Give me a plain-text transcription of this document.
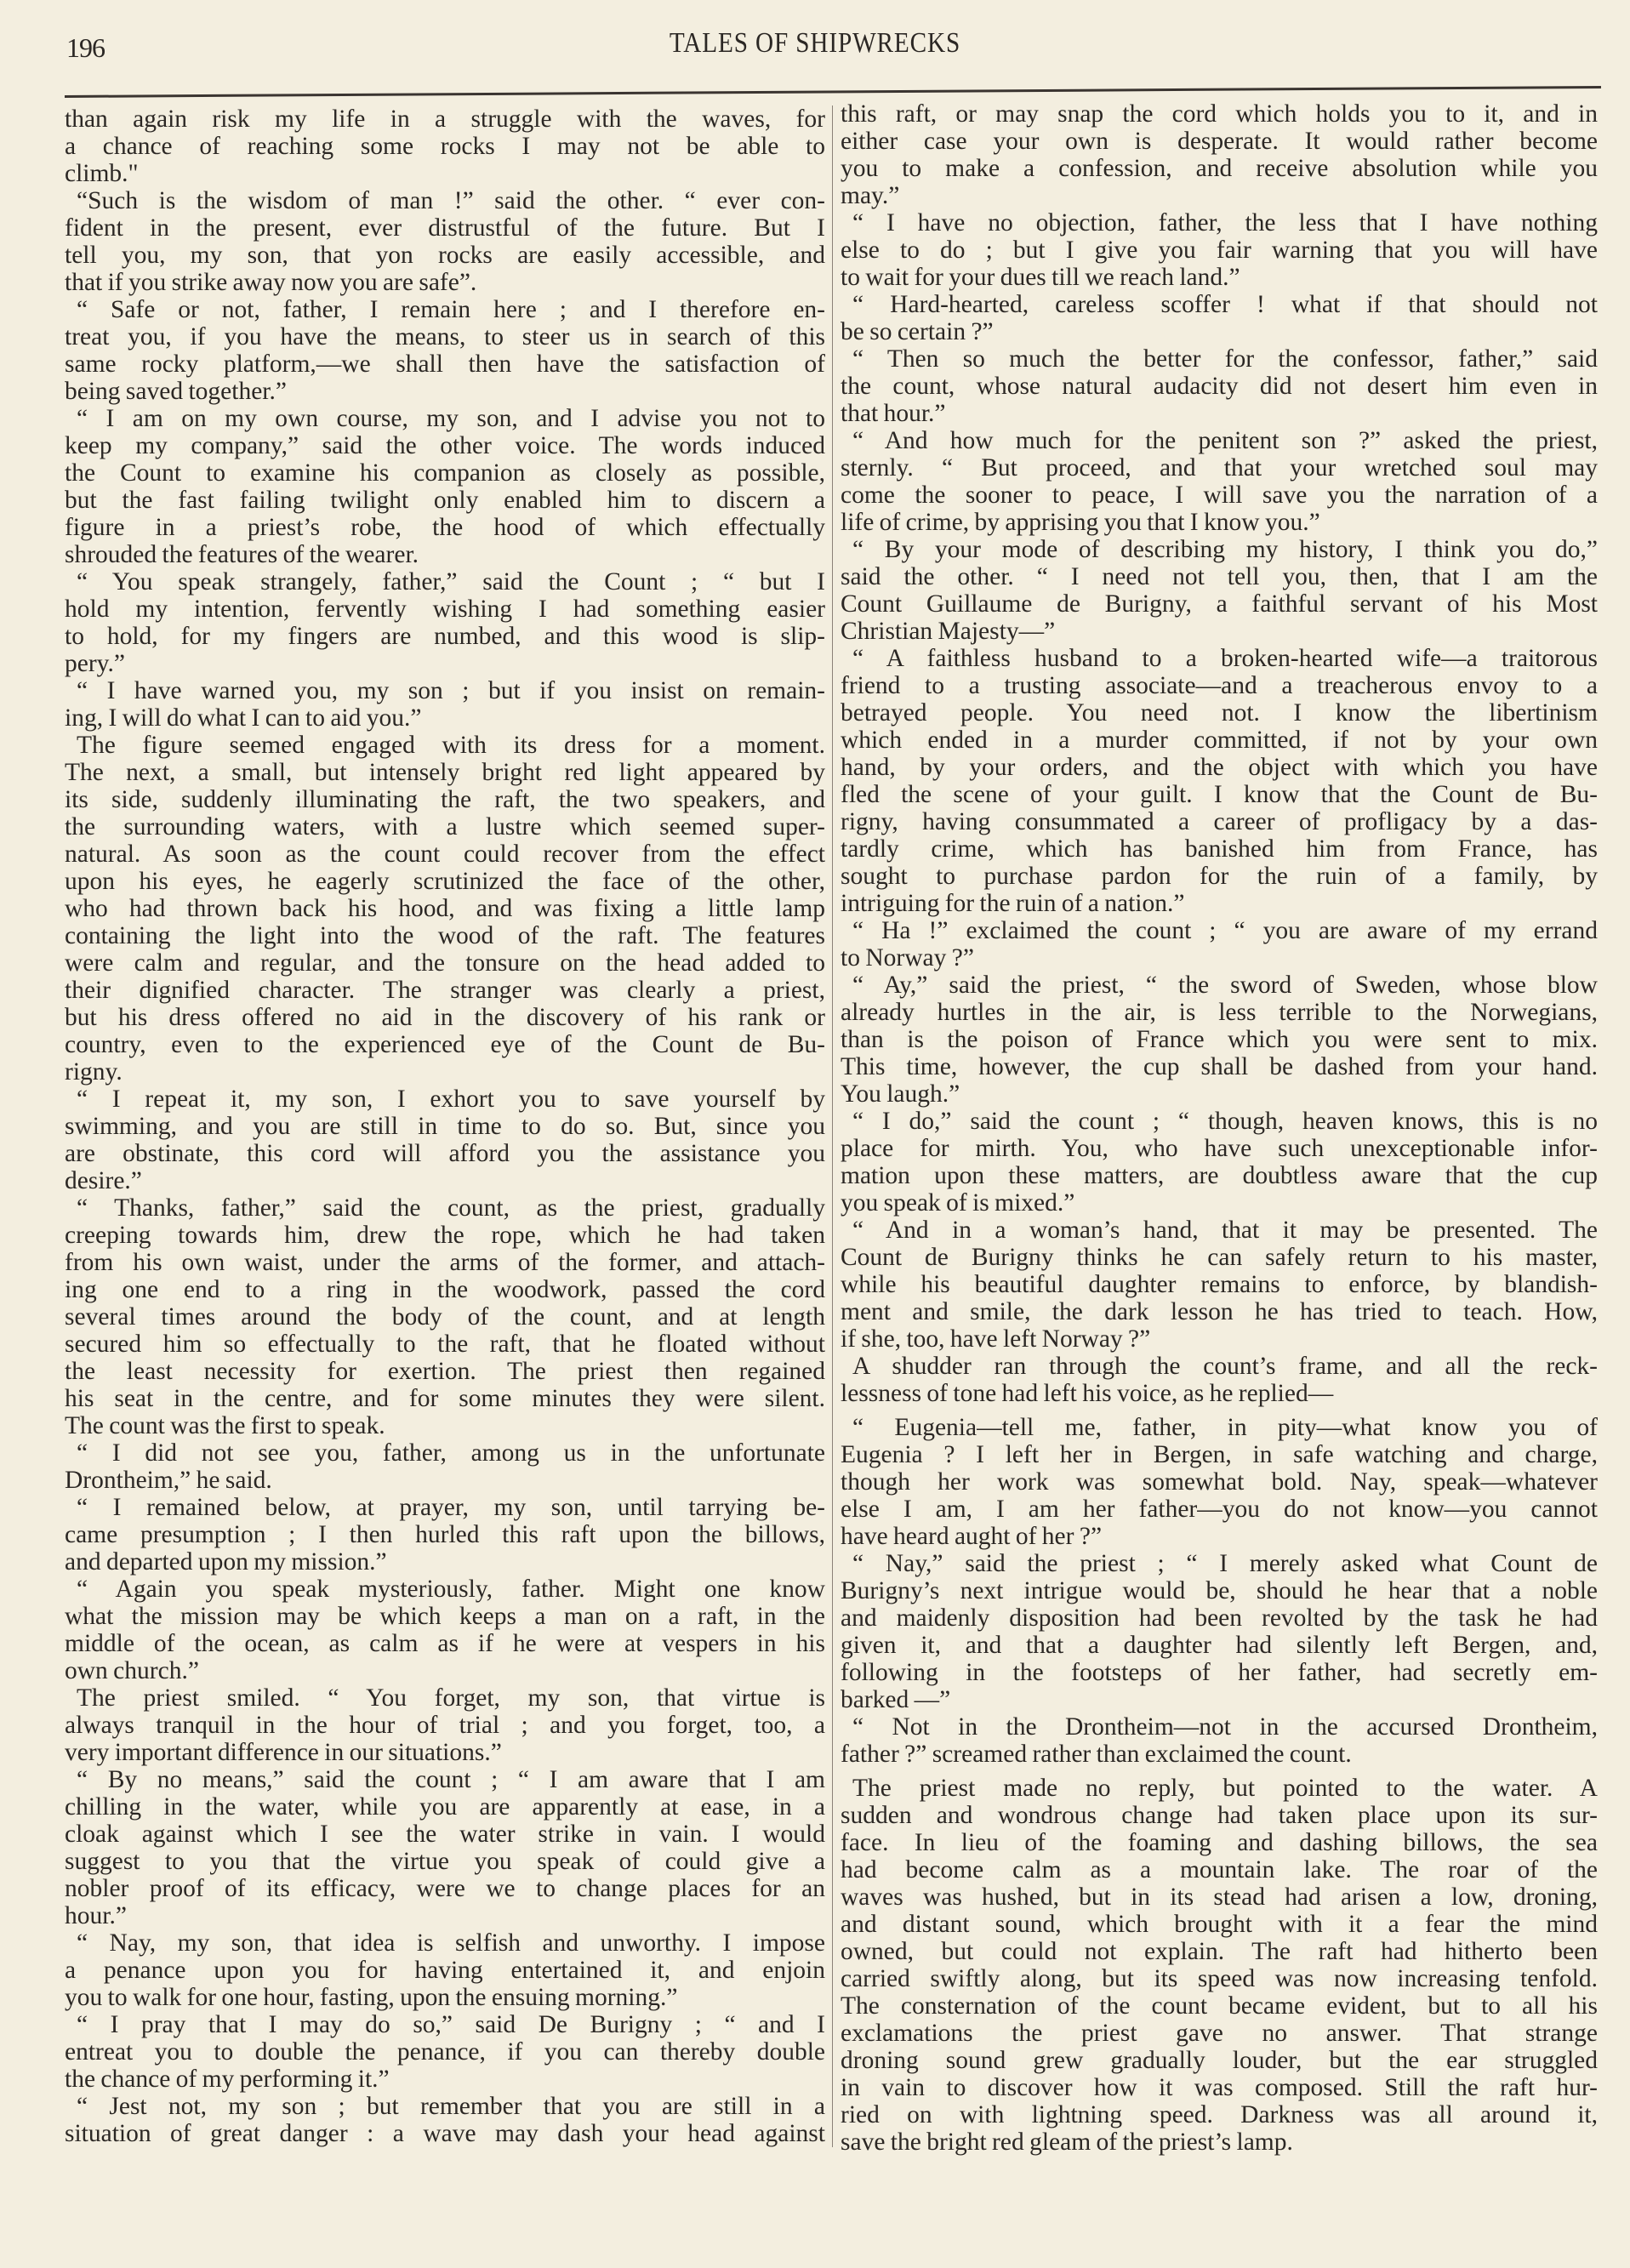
196	TALES OF SHIPWRECKS
than again risk my life in a struggle with the waves, for
a chance of reaching some rocks I may not be able to
climb."
“Such is the wisdom of man !” said the other. “ ever con-
fident in the present, ever distrustful of the future. But I
tell you, my son, that yon rocks are easily accessible, and
that if you strike away now you are safe”.
“ Safe or not, father, I remain here ; and I therefore en-
treat you, if you have the means, to steer us in search of this
same rocky platform,—we shall then have the satisfaction of
being saved together.”
“ I am on my own course, my son, and I advise you not to
keep my company,” said the other voice. The words induced
the Count to examine his companion as closely as possible,
but the fast failing twilight only enabled him to discern a
figure in a priest’s robe, the hood of which effectually
shrouded the features of the wearer.
“ You speak strangely, father,” said the Count ; “ but I
hold my intention, fervently wishing I had something easier
to hold, for my fingers are numbed, and this wood is slip-
pery.”
“ I have warned you, my son ; but if you insist on remain-
ing, I will do what I can to aid you.”
The figure seemed engaged with its dress for a moment.
The next, a small, but intensely bright red light appeared by
its side, suddenly illuminating the raft, the two speakers, and
the surrounding waters, with a lustre which seemed super-
natural. As soon as the count could recover from the effect
upon his eyes, he eagerly scrutinized the face of the other,
who had thrown back his hood, and was fixing a little lamp
containing the light into the wood of the raft. The features
were calm and regular, and the tonsure on the head added to
their dignified character. The stranger was clearly a priest,
but his dress offered no aid in the discovery of his rank or
country, even to the experienced eye of the Count de Bu-
rigny.
“ I repeat it, my son, I exhort you to save yourself by
swimming, and you are still in time to do so. But, since you
are obstinate, this cord will afford you the assistance you
desire.”
“ Thanks, father,” said the count, as the priest, gradually
creeping towards him, drew the rope, which he had taken
from his own waist, under the arms of the former, and attach-
ing one end to a ring in the woodwork, passed the cord
several times around the body of the count, and at length
secured him so effectually to the raft, that he floated without
the least necessity for exertion. The priest then regained
his seat in the centre, and for some minutes they were silent.
The count was the first to speak.
“ I did not see you, father, among us in the unfortunate
Drontheim,” he said.
“ I remained below, at prayer, my son, until tarrying be-
came presumption ; I then hurled this raft upon the billows,
and departed upon my mission.”
“ Again you speak mysteriously, father. Might one know
what the mission may be which keeps a man on a raft, in the
middle of the ocean, as calm as if he were at vespers in his
own church.”
The priest smiled. “ You forget, my son, that virtue is
always tranquil in the hour of trial ; and you forget, too, a
very important difference in our situations.”
“ By no means,” said the count ; “ I am aware that I am
chilling in the water, while you are apparently at ease, in a
cloak against which I see the water strike in vain. I would
suggest to you that the virtue you speak of could give a
nobler proof of its efficacy, were we to change places for an
hour.”
“ Nay, my son, that idea is selfish and unworthy. I impose
a penance upon you for having entertained it, and enjoin
you to walk for one hour, fasting, upon the ensuing morning.”
“ I pray that I may do so,” said De Burigny ; “ and I
entreat you to double the penance, if you can thereby double
the chance of my performing it.”
“ Jest not, my son ; but remember that you are still in a
situation of great danger : a wave may dash your head against
this raft, or may snap the cord which holds you to it, and in
either case your own is desperate. It would rather become
you to make a confession, and receive absolution while you
may.”
“ I have no objection, father, the less that I have nothing
else to do ; but I give you fair warning that you will have
to wait for your dues till we reach land.”
“ Hard-hearted, careless scoffer ! what if that should not
be so certain ?”
“ Then so much the better for the confessor, father,” said
the count, whose natural audacity did not desert him even in
that hour.”
“ And how much for the penitent son ?” asked the priest,
sternly. “ But proceed, and that your wretched soul may
come the sooner to peace, I will save you the narration of a
life of crime, by apprising you that I know you.”
“ By your mode of describing my history, I think you do,”
said the other. “ I need not tell you, then, that I am the
Count Guillaume de Burigny, a faithful servant of his Most
Christian Majesty—”
“ A faithless husband to a broken-hearted wife—a traitorous
friend to a trusting associate—and a treacherous envoy to a
betrayed people. You need not. I know the libertinism
which ended in a murder committed, if not by your own
hand, by your orders, and the object with which you have
fled the scene of your guilt. I know that the Count de Bu-
rigny, having consummated a career of profligacy by a das-
tardly crime, which has banished him from France, has
sought to purchase pardon for the ruin of a family, by
intriguing for the ruin of a nation.”
“ Ha !” exclaimed the count ; “ you are aware of my errand
to Norway ?”
“ Ay,” said the priest, “ the sword of Sweden, whose blow
already hurtles in the air, is less terrible to the Norwegians,
than is the poison of France which you were sent to mix.
This time, however, the cup shall be dashed from your hand.
You laugh.”
“ I do,” said the count ; “ though, heaven knows, this is no
place for mirth. You, who have such unexceptionable infor-
mation upon these matters, are doubtless aware that the cup
you speak of is mixed.”
“ And in a woman’s hand, that it may be presented. The
Count de Burigny thinks he can safely return to his master,
while his beautiful daughter remains to enforce, by blandish-
ment and smile, the dark lesson he has tried to teach. How,
if she, too, have left Norway ?”
A shudder ran through the count’s frame, and all the reck-
lessness of tone had left his voice, as he replied—
“ Eugenia—tell me, father, in pity—what know you of
Eugenia ? I left her in Bergen, in safe watching and charge,
though her work was somewhat bold. Nay, speak—whatever
else I am, I am her father—you do not know—you cannot
have heard aught of her ?”
“ Nay,” said the priest ; “ I merely asked what Count de
Burigny’s next intrigue would be, should he hear that a noble
and maidenly disposition had been revolted by the task he had
given it, and that a daughter had silently left Bergen, and,
following in the footsteps of her father, had secretly em-
barked —”
“ Not in the Drontheim—not in the accursed Drontheim,
father ?” screamed rather than exclaimed the count.
The priest made no reply, but pointed to the water. A
sudden and wondrous change had taken place upon its sur-
face. In lieu of the foaming and dashing billows, the sea
had become calm as a mountain lake. The roar of the
waves was hushed, but in its stead had arisen a low, droning,
and distant sound, which brought with it a fear the mind
owned, but could not explain. The raft had hitherto been
carried swiftly along, but its speed was now increasing tenfold.
The consternation of the count became evident, but to all his
exclamations the priest gave no answer. That strange
droning sound grew gradually louder, but the ear struggled
in vain to discover how it was composed. Still the raft hur-
ried on with lightning speed. Darkness was all around it,
save the bright red gleam of the priest’s lamp.
